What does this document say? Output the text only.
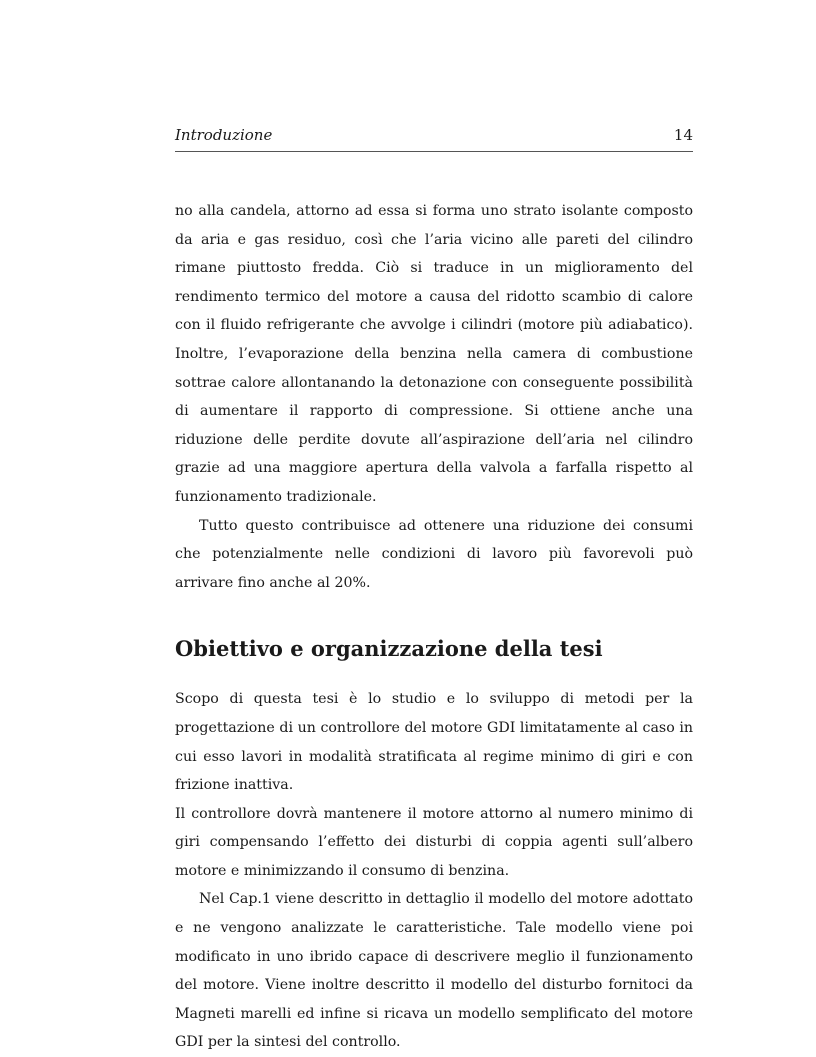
Introduzione	14

no alla candela, attorno ad essa si forma uno strato isolante composto da aria e gas residuo, così che l’aria vicino alle pareti del cilindro rimane piuttosto fredda. Ciò si traduce in un miglioramento del rendimento termico del motore a causa del ridotto scambio di calore con il fluido refrigerante che avvolge i cilindri (motore più adiabatico). Inoltre, l’evaporazione della benzina nella camera di combustione sottrae calore allontanando la detonazione con conseguente possibilità di aumentare il rapporto di compressione. Si ottiene anche una riduzione delle perdite dovute all’aspirazione dell’aria nel cilindro grazie ad una maggiore apertura della valvola a farfalla rispetto al funzionamento tradizionale.

Tutto questo contribuisce ad ottenere una riduzione dei consumi che potenzialmente nelle condizioni di lavoro più favorevoli può arrivare fino anche al 20%.

Obiettivo e organizzazione della tesi

Scopo di questa tesi è lo studio e lo sviluppo di metodi per la progettazione di un controllore del motore GDI limitatamente al caso in cui esso lavori in modalità stratificata al regime minimo di giri e con frizione inattiva.

Il controllore dovrà mantenere il motore attorno al numero minimo di giri compensando l’effetto dei disturbi di coppia agenti sull’albero motore e minimizzando il consumo di benzina.

Nel Cap.1 viene descritto in dettaglio il modello del motore adottato e ne vengono analizzate le caratteristiche. Tale modello viene poi modificato in uno ibrido capace di descrivere meglio il funzionamento del motore. Viene inoltre descritto il modello del disturbo fornitoci da Magneti marelli ed infine si ricava un modello semplificato del motore GDI per la sintesi del controllo.
